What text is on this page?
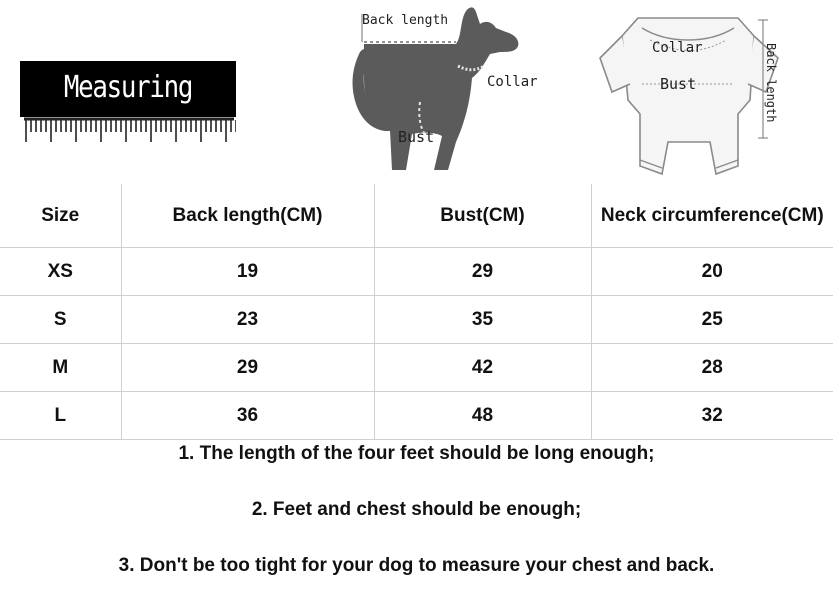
Measuring method
Back length
Collar
Bust
Collar
Bust	Back length
Size	Back length(CM)	Bust(CM)	Neck circumference(CM)
XS	19	29	20
S	23	35	25
M	29	42	28
L	36	48	32
1. The length of the four feet should be long enough;
2. Feet and chest should be enough;
3. Don't be too tight for your dog to measure your chest and back.
